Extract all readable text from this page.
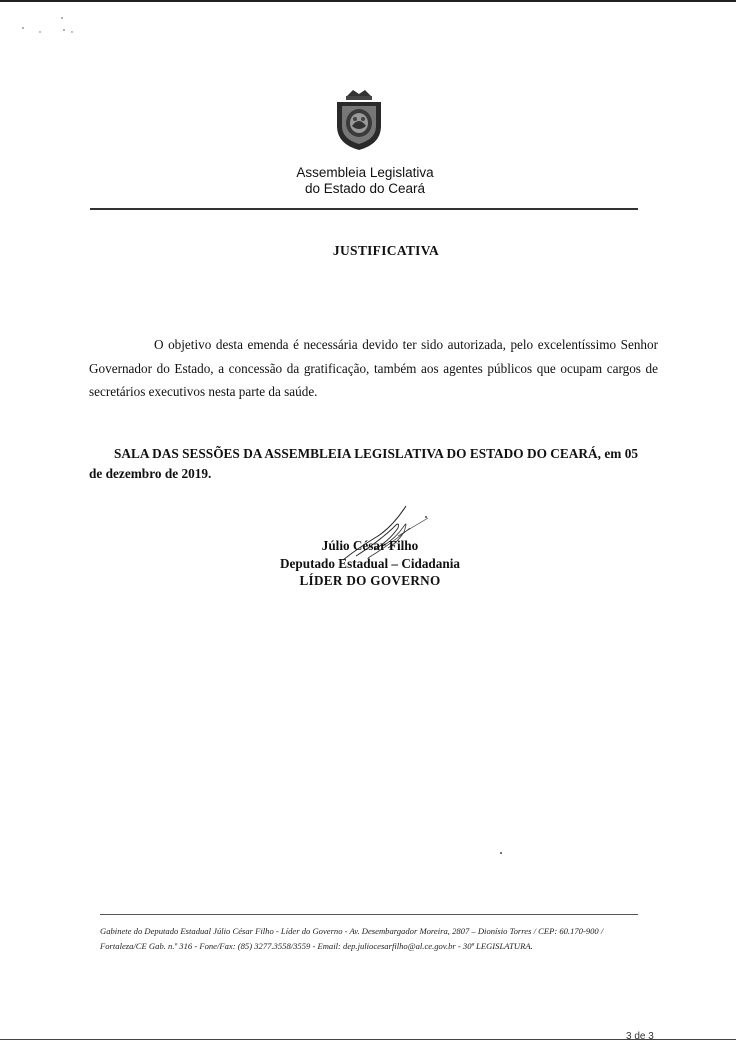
Assembleia Legislativa
do Estado do Ceará
JUSTIFICATIVA

O objetivo desta emenda é necessária devido ter sido autorizada, pelo excelentíssimo Senhor Governador do Estado, a concessão da gratificação, também aos agentes públicos que ocupam cargos de secretários executivos nesta parte da saúde.

SALA DAS SESSÕES DA ASSEMBLEIA LEGISLATIVA DO ESTADO DO CEARÁ, em 05 de dezembro de 2019.

Júlio César Filho
Deputado Estadual – Cidadania
LÍDER DO GOVERNO
Gabinete do Deputado Estadual Júlio César Filho - Líder do Governo - Av. Desembargador Moreira, 2807 – Dionísio Torres / CEP: 60.170-900 /
Fortaleza/CE Gab. n.º 316 - Fone/Fax: (85) 3277.3558/3559 - Email: dep.juliocesarfilho@al.ce.gov.br - 30ª LEGISLATURA.
3 de 3
